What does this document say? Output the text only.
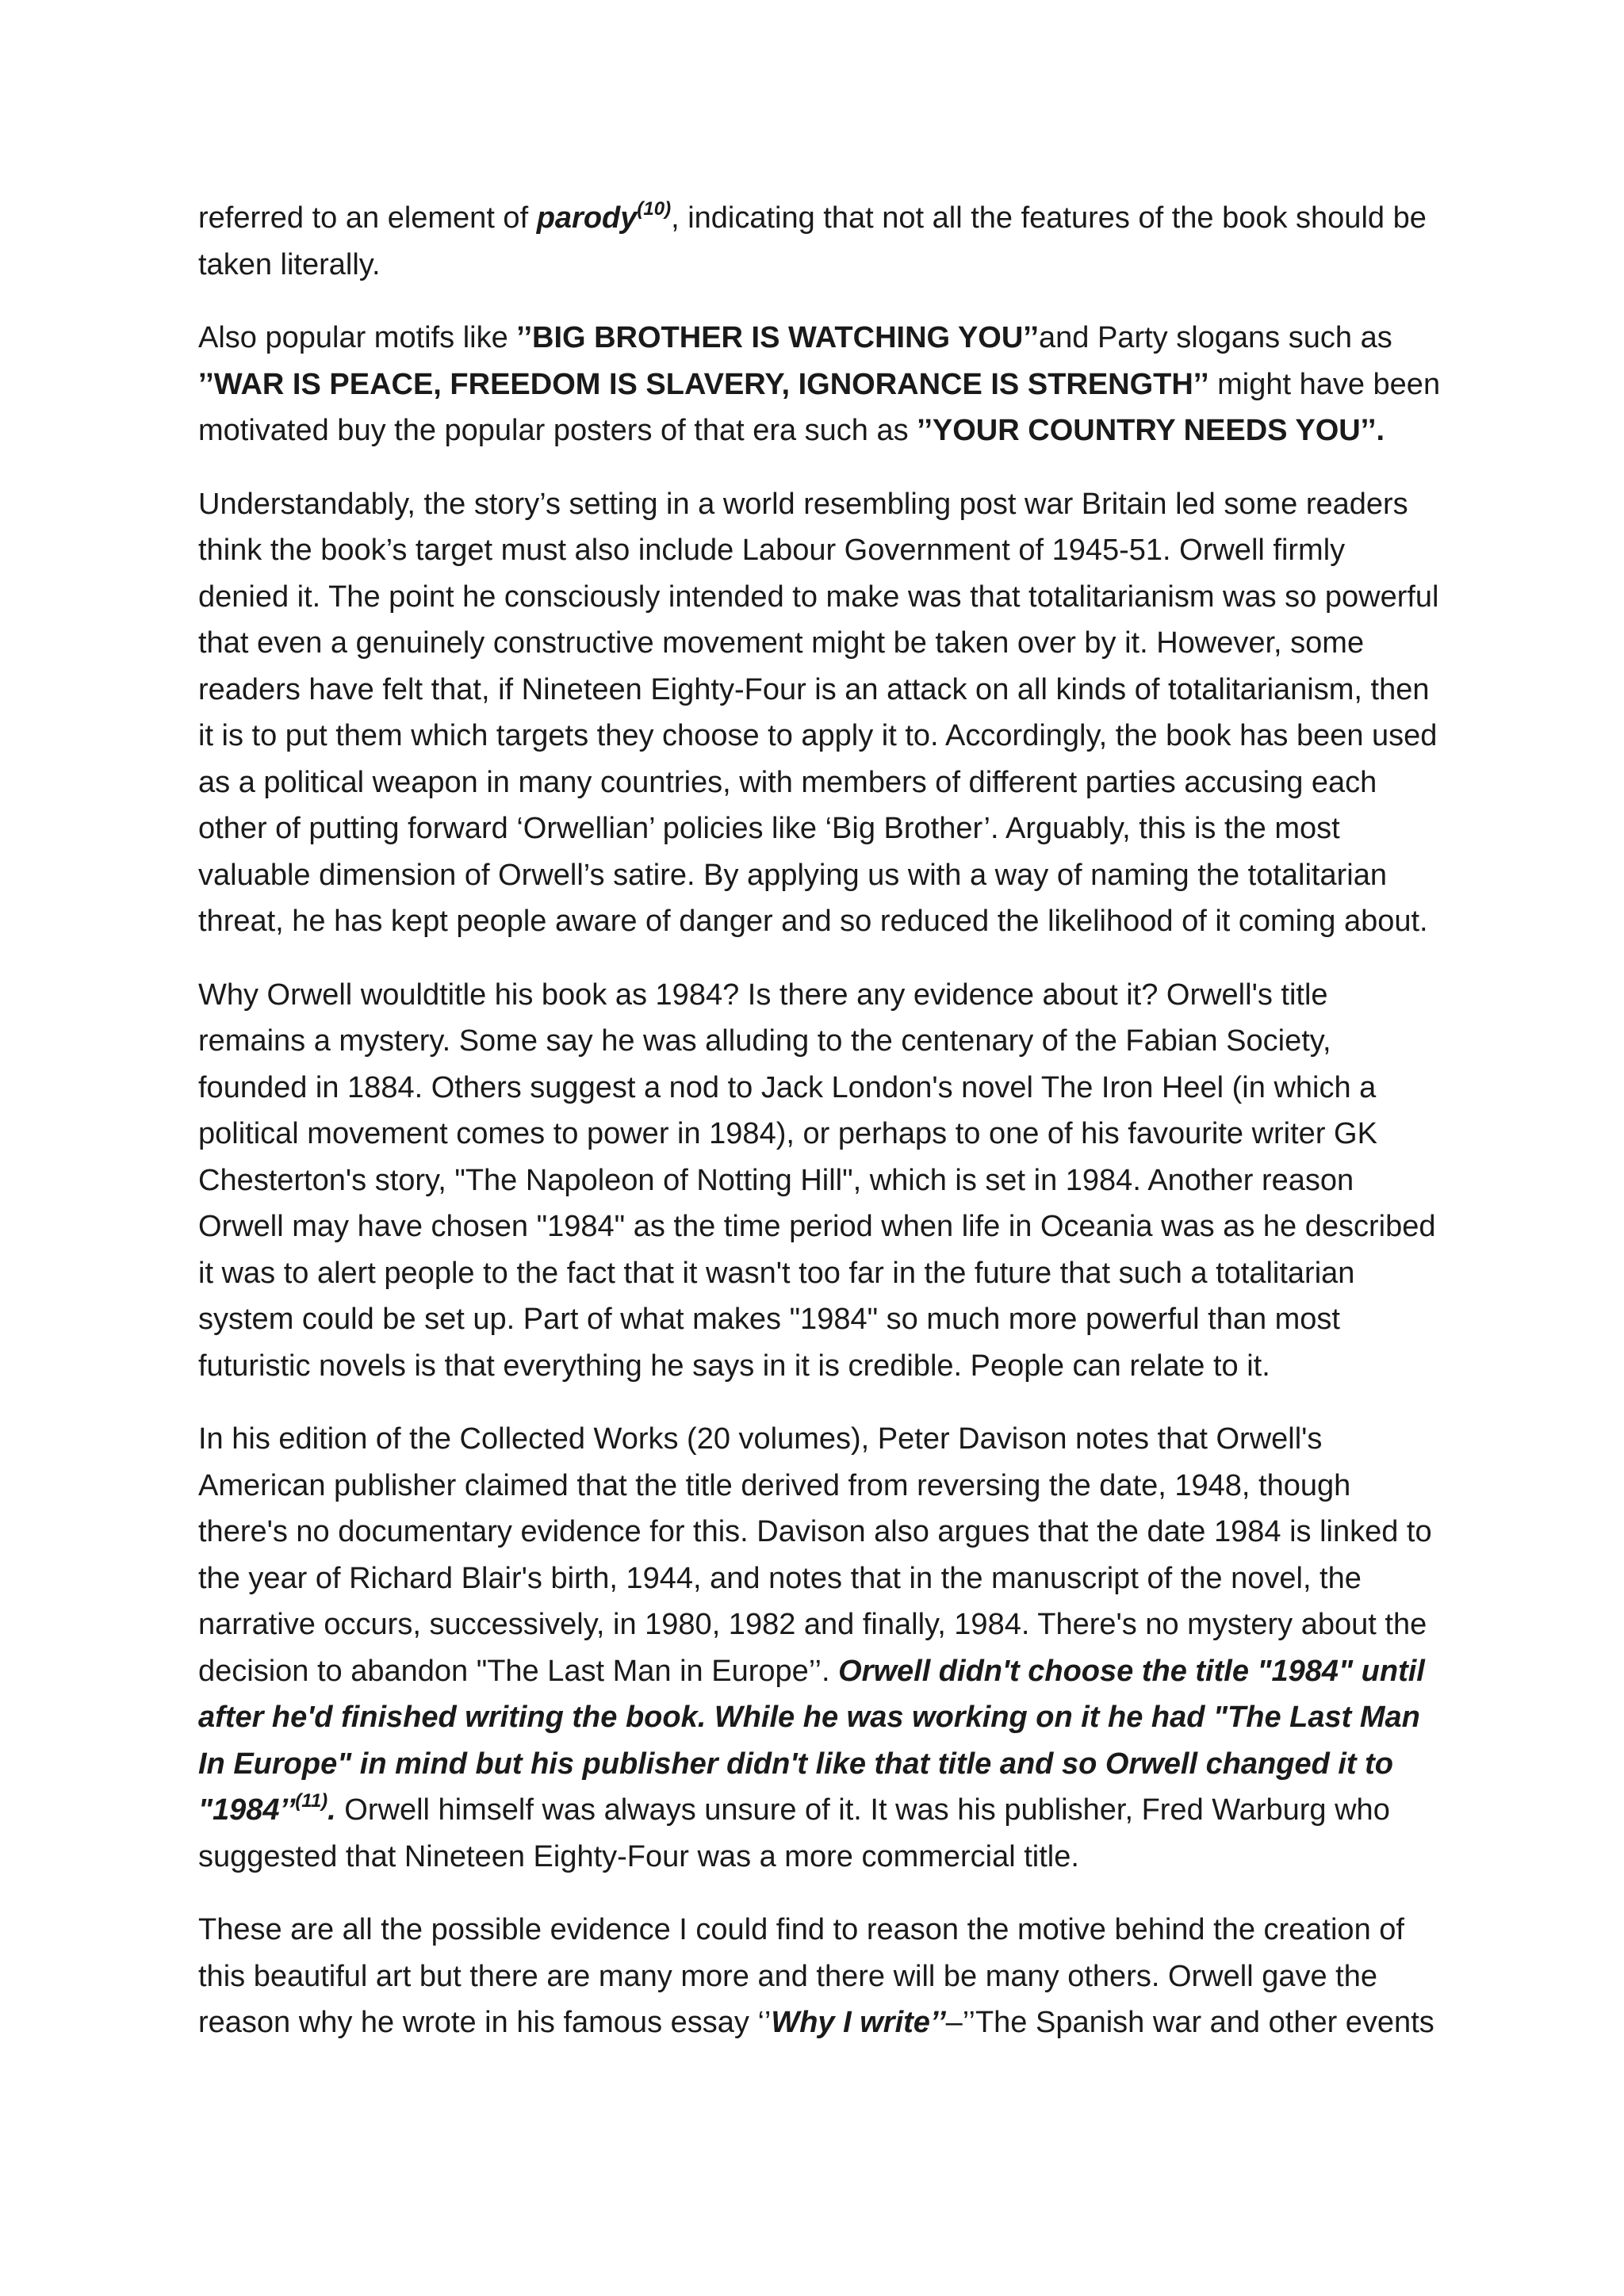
referred to an element of parody$^{(10)}$, indicating that not all the features of the book should be taken literally.

Also popular motifs like ’’BIG BROTHER IS WATCHING YOU’’and Party slogans such as ’’WAR IS PEACE, FREEDOM IS SLAVERY, IGNORANCE IS STRENGTH’’ might have been motivated buy the popular posters of that era such as ’’YOUR COUNTRY NEEDS YOU’’.

Understandably, the story’s setting in a world resembling post war Britain led some readers think the book’s target must also include Labour Government of 1945-51. Orwell firmly denied it. The point he consciously intended to make was that totalitarianism was so powerful that even a genuinely constructive movement might be taken over by it. However, some readers have felt that, if Nineteen Eighty-Four is an attack on all kinds of totalitarianism, then it is to put them which targets they choose to apply it to. Accordingly, the book has been used as a political weapon in many countries, with members of different parties accusing each other of putting forward ‘Orwellian’ policies like ‘Big Brother’. Arguably, this is the most valuable dimension of Orwell’s satire. By applying us with a way of naming the totalitarian threat, he has kept people aware of danger and so reduced the likelihood of it coming about.

Why Orwell wouldtitle his book as 1984? Is there any evidence about it? Orwell's title remains a mystery. Some say he was alluding to the centenary of the Fabian Society, founded in 1884. Others suggest a nod to Jack London's novel The Iron Heel (in which a political movement comes to power in 1984), or perhaps to one of his favourite writer GK Chesterton's story, "The Napoleon of Notting Hill", which is set in 1984. Another reason Orwell may have chosen "1984" as the time period when life in Oceania was as he described it was to alert people to the fact that it wasn't too far in the future that such a totalitarian system could be set up. Part of what makes "1984" so much more powerful than most futuristic novels is that everything he says in it is credible. People can relate to it.

In his edition of the Collected Works (20 volumes), Peter Davison notes that Orwell's American publisher claimed that the title derived from reversing the date, 1948, though there's no documentary evidence for this. Davison also argues that the date 1984 is linked to the year of Richard Blair's birth, 1944, and notes that in the manuscript of the novel, the narrative occurs, successively, in 1980, 1982 and finally, 1984. There's no mystery about the decision to abandon "The Last Man in Europe’’. Orwell didn't choose the title "1984" until after he'd finished writing the book. While he was working on it he had "The Last Man In Europe" in mind but his publisher didn't like that title and so Orwell changed it to "1984’’$^{(11)}$. Orwell himself was always unsure of it. It was his publisher, Fred Warburg who suggested that Nineteen Eighty-Four was a more commercial title.

These are all the possible evidence I could find to reason the motive behind the creation of this beautiful art but there are many more and there will be many others. Orwell gave the reason why he wrote in his famous essay ‘’Why I write’’–’’The Spanish war and other events
